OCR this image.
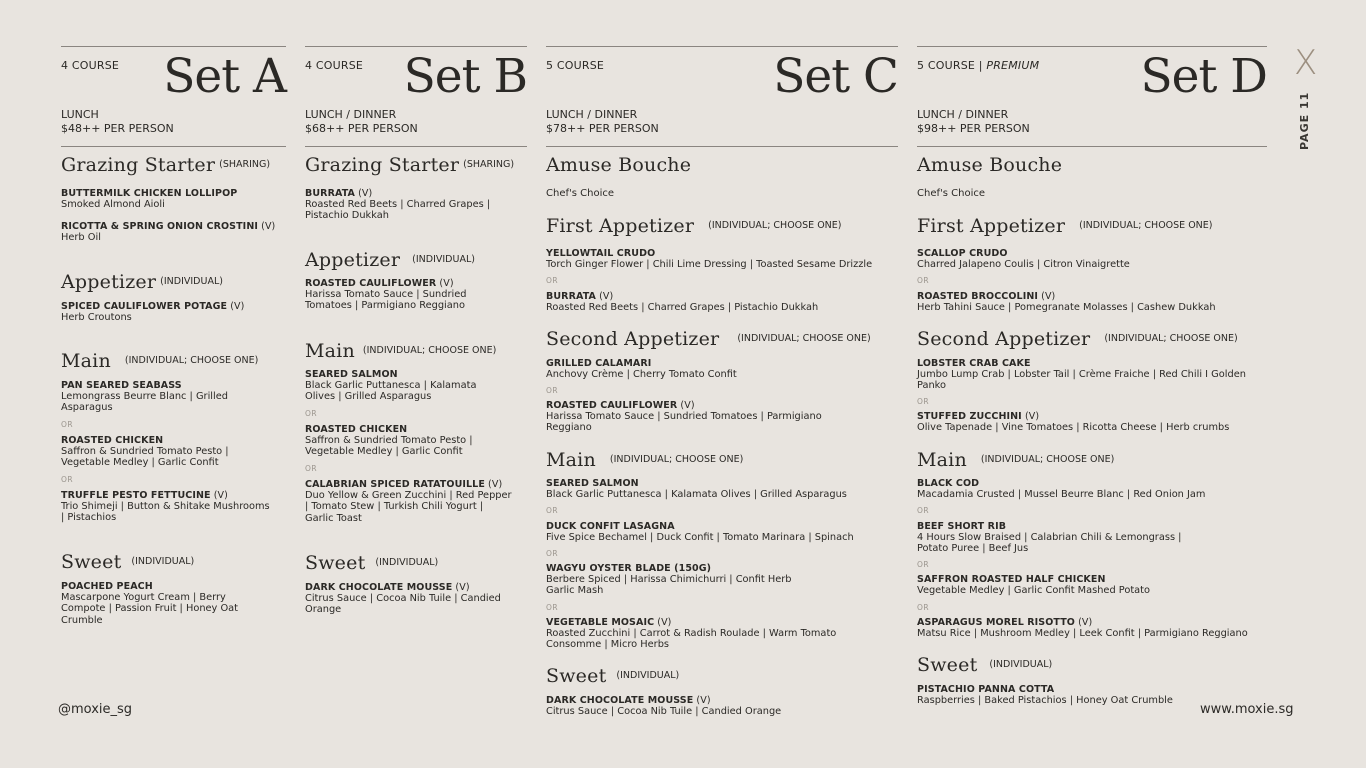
4 COURSE Set A
LUNCH
$48++ PER PERSON
Grazing Starter $^{(SHARING)}$
BUTTERMILK CHICKEN LOLLIPOP
Smoked Almond Aioli
RICOTTA & SPRING ONION CROSTINI (V)
Herb Oil
Appetizer $^{(INDIVIDUAL)}$
SPICED CAULIFLOWER POTAGE (V)
Herb Croutons
Main $^{(INDIVIDUAL; CHOOSE ONE)}$
PAN SEARED SEABASS
Lemongrass Beurre Blanc | Grilled
Asparagus
OR
ROASTED CHICKEN
Saffron & Sundried Tomato Pesto |
Vegetable Medley | Garlic Confit
OR
TRUFFLE PESTO FETTUCINE (V)
Trio Shimeji | Button & Shitake Mushrooms
| Pistachios
Sweet $^{(INDIVIDUAL)}$
POACHED PEACH
Mascarpone Yogurt Cream | Berry
Compote | Passion Fruit | Honey Oat
Crumble
4 COURSE Set B
LUNCH / DINNER
$68++ PER PERSON
Grazing Starter $^{(SHARING)}$
BURRATA (V)
Roasted Red Beets | Charred Grapes |
Pistachio Dukkah
Appetizer $^{(INDIVIDUAL)}$
ROASTED CAULIFLOWER (V)
Harissa Tomato Sauce | Sundried
Tomatoes | Parmigiano Reggiano
Main $^{(INDIVIDUAL; CHOOSE ONE)}$
SEARED SALMON
Black Garlic Puttanesca | Kalamata
Olives | Grilled Asparagus
OR
ROASTED CHICKEN
Saffron & Sundried Tomato Pesto |
Vegetable Medley | Garlic Confit
OR
CALABRIAN SPICED RATATOUILLE (V)
Duo Yellow & Green Zucchini | Red Pepper
| Tomato Stew | Turkish Chili Yogurt |
Garlic Toast
Sweet $^{(INDIVIDUAL)}$
DARK CHOCOLATE MOUSSE (V)
Citrus Sauce | Cocoa Nib Tuile | Candied
Orange
5 COURSE	Set C
LUNCH / DINNER
$78++ PER PERSON
Amuse Bouche
Chef's Choice
First Appetizer $^{(INDIVIDUAL; CHOOSE ONE)}$
YELLOWTAIL CRUDO
Torch Ginger Flower | Chili Lime Dressing | Toasted Sesame Drizzle
OR
BURRATA (V)
Roasted Red Beets | Charred Grapes | Pistachio Dukkah
Second Appetizer $^{(INDIVIDUAL; CHOOSE ONE)}$
GRILLED CALAMARI
Anchovy Crème | Cherry Tomato Confit
OR
ROASTED CAULIFLOWER (V)
Harissa Tomato Sauce | Sundried Tomatoes | Parmigiano
Reggiano
Main $^{(INDIVIDUAL; CHOOSE ONE)}$
SEARED SALMON
Black Garlic Puttanesca | Kalamata Olives | Grilled Asparagus
OR
DUCK CONFIT LASAGNA
Five Spice Bechamel | Duck Confit | Tomato Marinara | Spinach
OR
WAGYU OYSTER BLADE (150G)
Berbere Spiced | Harissa Chimichurri | Confit Herb
Garlic Mash
OR
VEGETABLE MOSAIC (V)
Roasted Zucchini | Carrot & Radish Roulade | Warm Tomato
Consomme | Micro Herbs
Sweet $^{(INDIVIDUAL)}$
DARK CHOCOLATE MOUSSE (V)
Citrus Sauce | Cocoa Nib Tuile | Candied Orange
5 COURSE | PREMIUM Set D
LUNCH / DINNER
$98++ PER PERSON
Amuse Bouche
Chef's Choice
First Appetizer $^{(INDIVIDUAL; CHOOSE ONE)}$
SCALLOP CRUDO
Charred Jalapeno Coulis | Citron Vinaigrette
OR
ROASTED BROCCOLINI (V)
Herb Tahini Sauce | Pomegranate Molasses | Cashew Dukkah
Second Appetizer $^{(INDIVIDUAL; CHOOSE ONE)}$
LOBSTER CRAB CAKE
Jumbo Lump Crab | Lobster Tail | Crème Fraiche | Red Chili I Golden
Panko
OR
STUFFED ZUCCHINI (V)
Olive Tapenade | Vine Tomatoes | Ricotta Cheese | Herb crumbs
Main $^{(INDIVIDUAL; CHOOSE ONE)}$
BLACK COD
Macadamia Crusted | Mussel Beurre Blanc | Red Onion Jam
OR
BEEF SHORT RIB
4 Hours Slow Braised | Calabrian Chili & Lemongrass |
Potato Puree | Beef Jus
OR
SAFFRON ROASTED HALF CHICKEN
Vegetable Medley | Garlic Confit Mashed Potato
OR
ASPARAGUS MOREL RISOTTO (V)
Matsu Rice | Mushroom Medley | Leek Confit | Parmigiano Reggiano
Sweet $^{(INDIVIDUAL)}$
PISTACHIO PANNA COTTA
Raspberries | Baked Pistachios | Honey Oat Crumble
X
PAGE 11
@moxie_sg	www.moxie.sg
